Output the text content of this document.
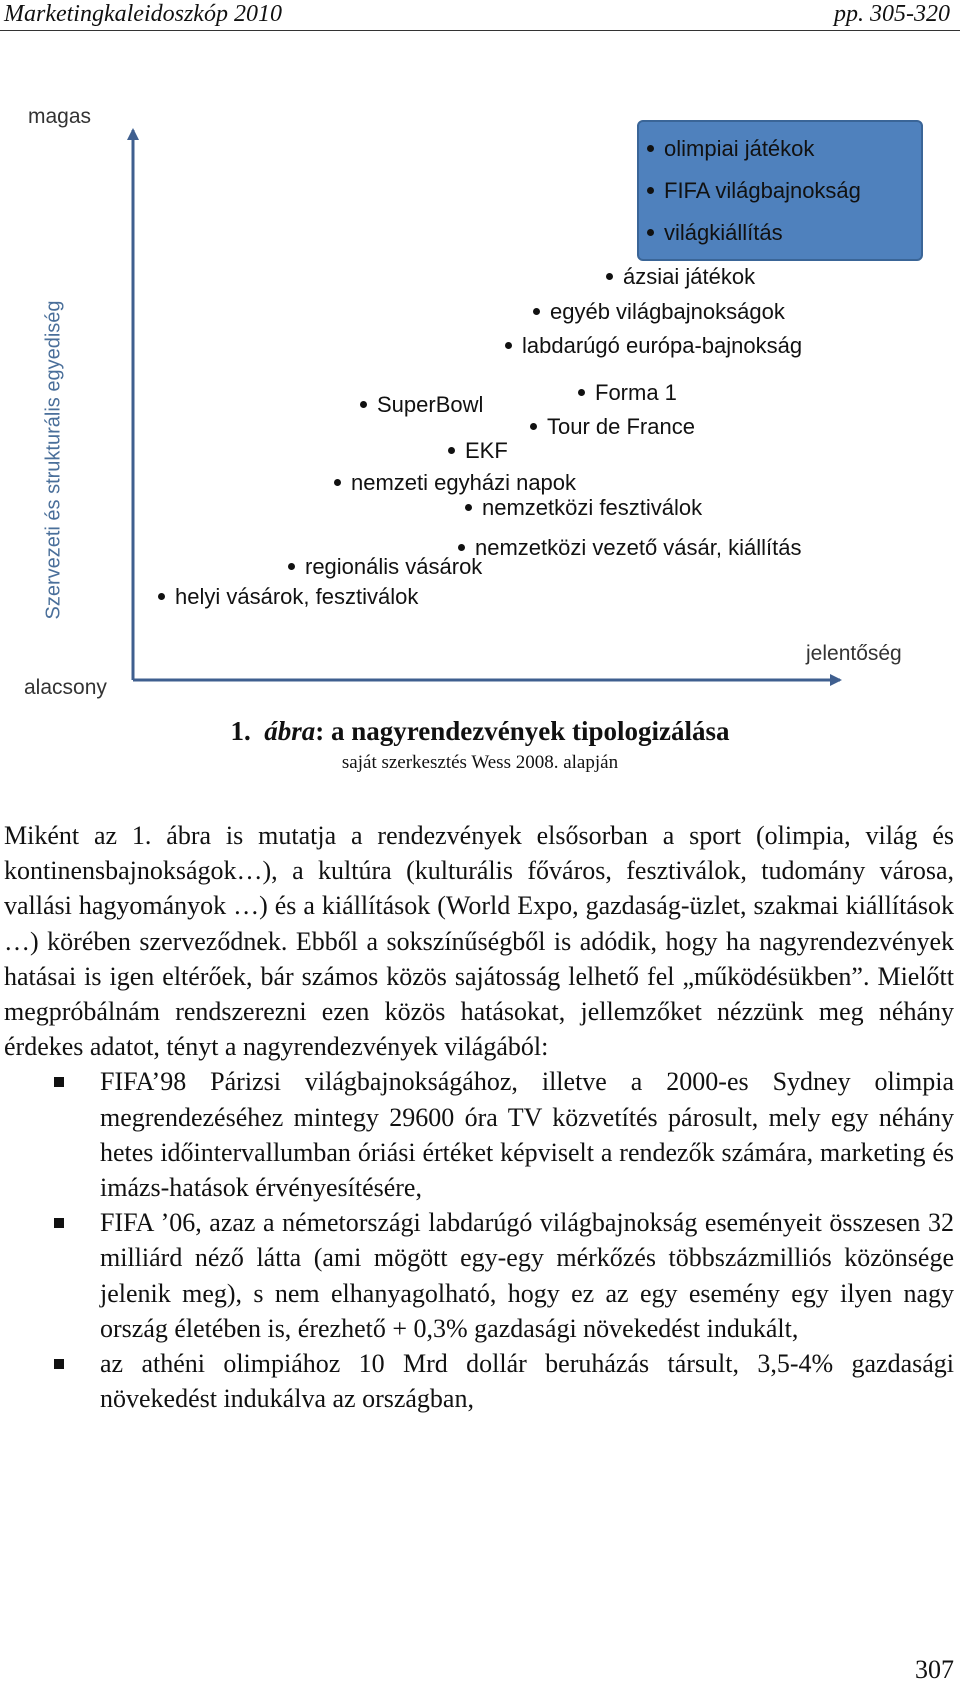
Marketingkaleidoszkóp 2010	pp. 305-320
magas
alacsony
jelentőség
Szervezeti és strukturális egyediség
olimpiai játékok
FIFA világbajnokság
világkiállítás
ázsiai játékok
egyéb világbajnokságok
labdarúgó európa-bajnokság
Forma 1
SuperBowl
Tour de France
EKF
nemzeti egyházi napok
nemzetközi fesztiválok
nemzetközi vezető vásár, kiállítás
regionális vásárok
helyi vásárok, fesztiválok
1. ábra: a nagyrendezvények tipologizálása
saját szerkesztés Wess 2008. alapján

Miként az 1. ábra is mutatja a rendezvények elsősorban a sport (olimpia, világ és kontinensbajnokságok…), a kultúra (kulturális főváros, fesztiválok, tudomány városa, vallási hagyományok …) és a kiállítások (World Expo, gazdaság-üzlet, szakmai kiállítások …) körében szerveződnek. Ebből a sokszínűségből is adódik, hogy ha nagyrendezvények hatásai is igen eltérőek, bár számos közös sajátosság lelhető fel „működésükben”. Mielőtt megpróbálnám rendszerezni ezen közös hatásokat, jellemzőket nézzünk meg néhány érdekes adatot, tényt a nagyrendezvények világából:

FIFA’98 Párizsi világbajnokságához, illetve a 2000-es Sydney olimpia megrendezéséhez mintegy 29600 óra TV közvetítés párosult, mely egy néhány hetes időintervallumban óriási értéket képviselt a rendezők számára, marketing és imázs-hatások érvényesítésére,
FIFA ’06, azaz a németországi labdarúgó világbajnokság eseményeit összesen 32 milliárd néző látta (ami mögött egy-egy mérkőzés többszázmilliós közönsége jelenik meg), s nem elhanyagolható, hogy ez az egy esemény egy ilyen nagy ország életében is, érezhető + 0,3% gazdasági növekedést indukált,
az athéni olimpiához 10 Mrd dollár beruházás társult, 3,5-4% gazdasági növekedést indukálva az országban,
307
